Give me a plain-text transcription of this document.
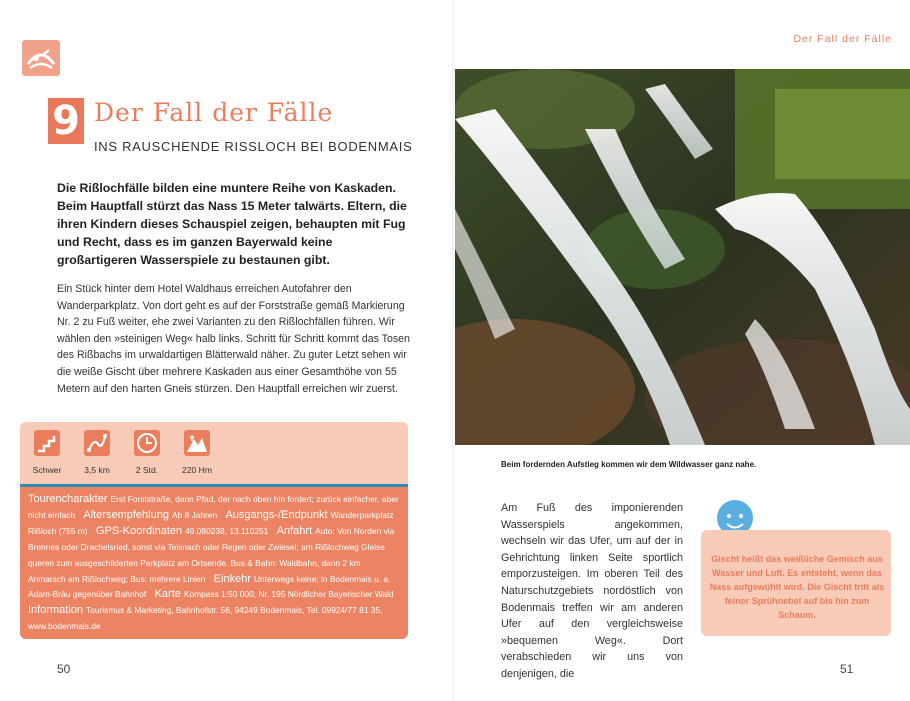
9 Der Fall der Fälle
INS RAUSCHENDE RISSLOCH BEI BODENMAIS
Die Rißlochfälle bilden eine muntere Reihe von Kaskaden. Beim Hauptfall stürzt das Nass 15 Meter talwärts. Eltern, die ihren Kindern dieses Schauspiel zeigen, behaupten mit Fug und Recht, dass es im ganzen Bayerwald keine großartigeren Wasserspiele zu bestaunen gibt.
Ein Stück hinter dem Hotel Waldhaus erreichen Autofahrer den Wanderparkplatz. Von dort geht es auf der Forststraße gemäß Markierung Nr. 2 zu Fuß weiter, ehe zwei Varianten zu den Rißlochfällen führen. Wir wählen den »steinigen Weg« halb links. Schritt für Schritt kommt das Tosen des Rißbachs im urwaldartigen Blätterwald näher. Zu guter Letzt sehen wir die weiße Gischt über mehrere Kaskaden aus einer Gesamthöhe von 55 Metern auf den harten Gneis stürzen. Den Hauptfall erreichen wir zuerst.
Schwer	3,5 km	2 Std.	220 Hm
Tourencharakter Erst Forststraße, dann Pfad, der nach oben hin fordert; zurück einfacher, aber nicht einfach Altersempfehlung Ab 8 Jahren Ausgangs-/Endpunkt Wanderparkplatz Rißloch (755 m) GPS-Koordinaten 49.080238, 13.110251 Anfahrt Auto: Von Norden via Brennes oder Drachelsried, sonst via Teisnach oder Regen oder Zwiesel; am Rißlochweg Gleise queren zum ausgeschilderten Parkplatz am Ortsende. Bus & Bahn: Waldbahn, dann 2 km Anmarsch am Rißlochweg; Bus: mehrere Linien Einkehr Unterwegs keine; in Bodenmais u. a. Adam-Bräu gegenüber Bahnhof Karte Kompass 1:50 000, Nr. 195 Nördlicher Bayerischer Wald Information Tourismus & Marketing, Bahnhofstr. 56, 94249 Bodenmais, Tel. 09924/77 81 35, www.bodenmais.de
50
Der Fall der Fälle
Beim fordernden Aufstieg kommen wir dem Wildwasser ganz nahe.
Am Fuß des imponierenden Wasserspiels angekommen, wechseln wir das Ufer, um auf der in Gehrichtung linken Seite sportlich emporzusteigen. Im oberen Teil des Naturschutzgebiets nordöstlich von Bodenmais treffen wir am anderen Ufer auf den vergleichsweise »bequemen Weg«. Dort verabschieden wir uns von denjenigen, die
Gischt heißt das weißliche Gemisch aus Wasser und Luft. Es entsteht, wenn das Nass aufgewühlt wird. Die Gischt tritt als feiner Sprühnebel auf bis hin zum Schaum.
51
